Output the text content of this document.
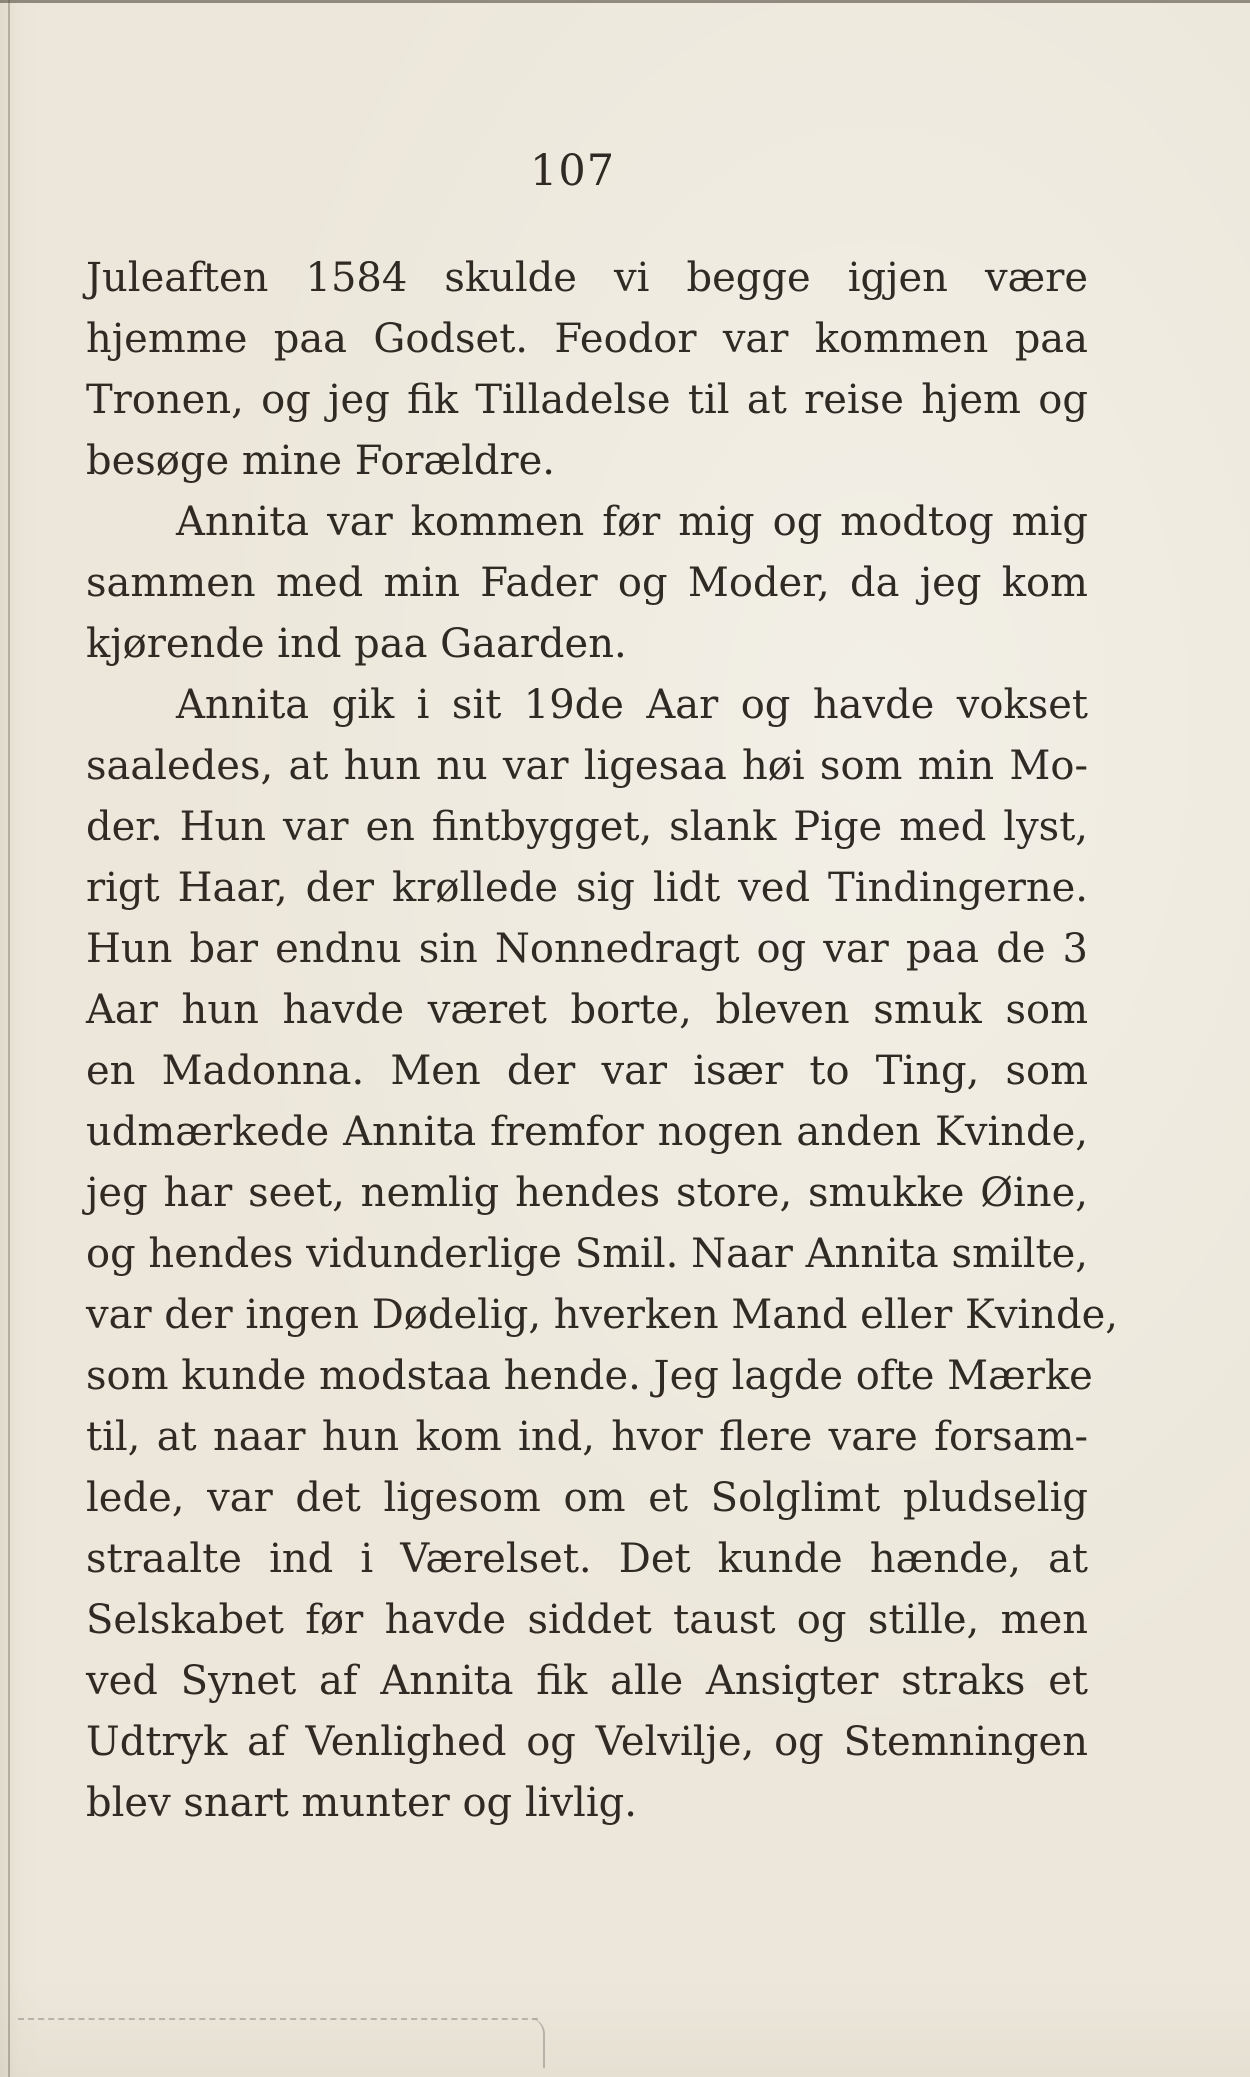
107
Juleaften 1584 skulde vi begge igjen være
hjemme paa Godset. Feodor var kommen paa
Tronen, og jeg fik Tilladelse til at reise hjem og
besøge mine Forældre.
Annita var kommen før mig og modtog mig
sammen med min Fader og Moder, da jeg kom
kjørende ind paa Gaarden.
Annita gik i sit 19de Aar og havde vokset
saaledes, at hun nu var ligesaa høi som min Mo-
der. Hun var en fintbygget, slank Pige med lyst,
rigt Haar, der krøllede sig lidt ved Tindingerne.
Hun bar endnu sin Nonnedragt og var paa de 3
Aar hun havde været borte, bleven smuk som
en Madonna. Men der var især to Ting, som
udmærkede Annita fremfor nogen anden Kvinde,
jeg har seet, nemlig hendes store, smukke Øine,
og hendes vidunderlige Smil. Naar Annita smilte,
var der ingen Dødelig, hverken Mand eller Kvinde,
som kunde modstaa hende. Jeg lagde ofte Mærke
til, at naar hun kom ind, hvor flere vare forsam-
lede, var det ligesom om et Solglimt pludselig
straalte ind i Værelset. Det kunde hænde, at
Selskabet før havde siddet taust og stille, men
ved Synet af Annita fik alle Ansigter straks et
Udtryk af Venlighed og Velvilje, og Stemningen
blev snart munter og livlig.
